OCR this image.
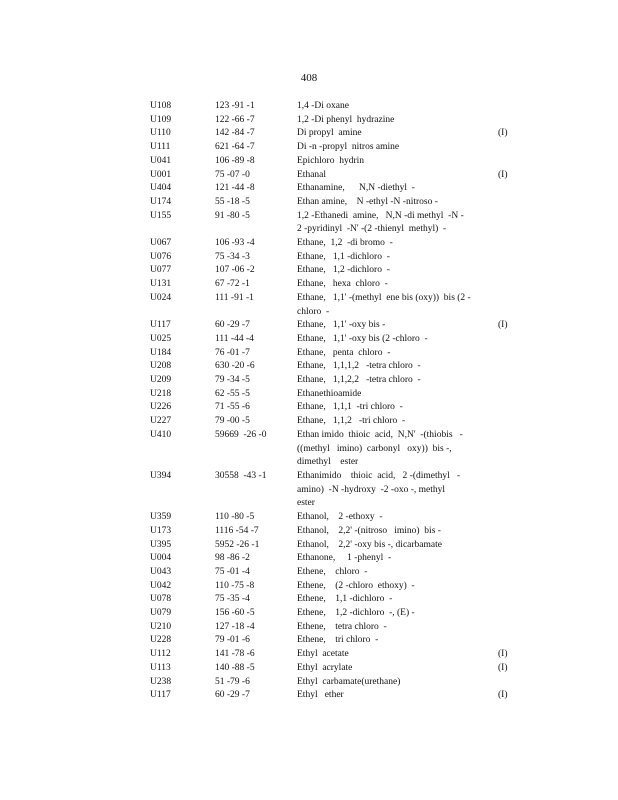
408
U108	123 -91 -1	1,4 -Di oxane
U109	122 -66 -7	1,2 -Di phenyl  hydrazine
U110	142 -84 -7	Di propyl  amine	(I)
U111	621 -64 -7	Di -n -propyl  nitros amine
U041	106 -89 -8	Epichloro  hydrin
U001	75 -07 -0	Ethanal	(I)
U404	121 -44 -8	Ethanamine,      N,N -diethyl  -
U174	55 -18 -5	Ethan amine,    N -ethyl -N -nitroso -
U155	91 -80 -5	1,2 -Ethanedi  amine,   N,N -di methyl  -N -
2 -pyridinyl  -N' -(2 -thienyl  methyl)  -
U067	106 -93 -4	Ethane,  1,2  -di bromo  -
U076	75 -34 -3	Ethane,   1,1 -dichloro  -
U077	107 -06 -2	Ethane,   1,2 -dichloro  -
U131	67 -72 -1	Ethane,   hexa  chloro  -
U024	111 -91 -1	Ethane,   1,1' -(methyl  ene bis (oxy))  bis (2 -
chloro  -
U117	60 -29 -7	Ethane,   1,1' -oxy bis -	(I)
U025	111 -44 -4	Ethane,   1,1' -oxy bis (2 -chloro  -
U184	76 -01 -7	Ethane,   penta  chloro  -
U208	630 -20 -6	Ethane,   1,1,1,2   -tetra chloro  -
U209	79 -34 -5	Ethane,   1,1,2,2   -tetra chloro  -
U218	62 -55 -5	Ethanethioamide
U226	71 -55 -6	Ethane,   1,1,1  -tri chloro  -
U227	79 -00 -5	Ethane,   1,1,2   -tri chloro  -
U410	59669  -26 -0	Ethan imido  thioic  acid,  N,N'  -(thiobis   -
((methyl   imino)  carbonyl   oxy))  bis -,
dimethyl    ester
U394	30558  -43 -1	Ethanimido    thioic  acid,   2 -(dimethyl   -
amino)  -N -hydroxy  -2 -oxo -, methyl
ester
U359	110 -80 -5	Ethanol,    2 -ethoxy  -
U173	1116 -54 -7	Ethanol,    2,2' -(nitroso   imino)  bis -
U395	5952 -26 -1	Ethanol,    2,2' -oxy bis -, dicarbamate
U004	98 -86 -2	Ethanone,     1 -phenyl  -
U043	75 -01 -4	Ethene,    chloro  -
U042	110 -75 -8	Ethene,    (2 -chloro  ethoxy)  -
U078	75 -35 -4	Ethene,    1,1 -dichloro  -
U079	156 -60 -5	Ethene,    1,2 -dichloro  -, (E) -
U210	127 -18 -4	Ethene,    tetra chloro  -
U228	79 -01 -6	Ethene,    tri chloro  -
U112	141 -78 -6	Ethyl  acetate	(I)
U113	140 -88 -5	Ethyl  acrylate	(I)
U238	51 -79 -6	Ethyl  carbamate(urethane)
U117	60 -29 -7	Ethyl   ether	(I)
